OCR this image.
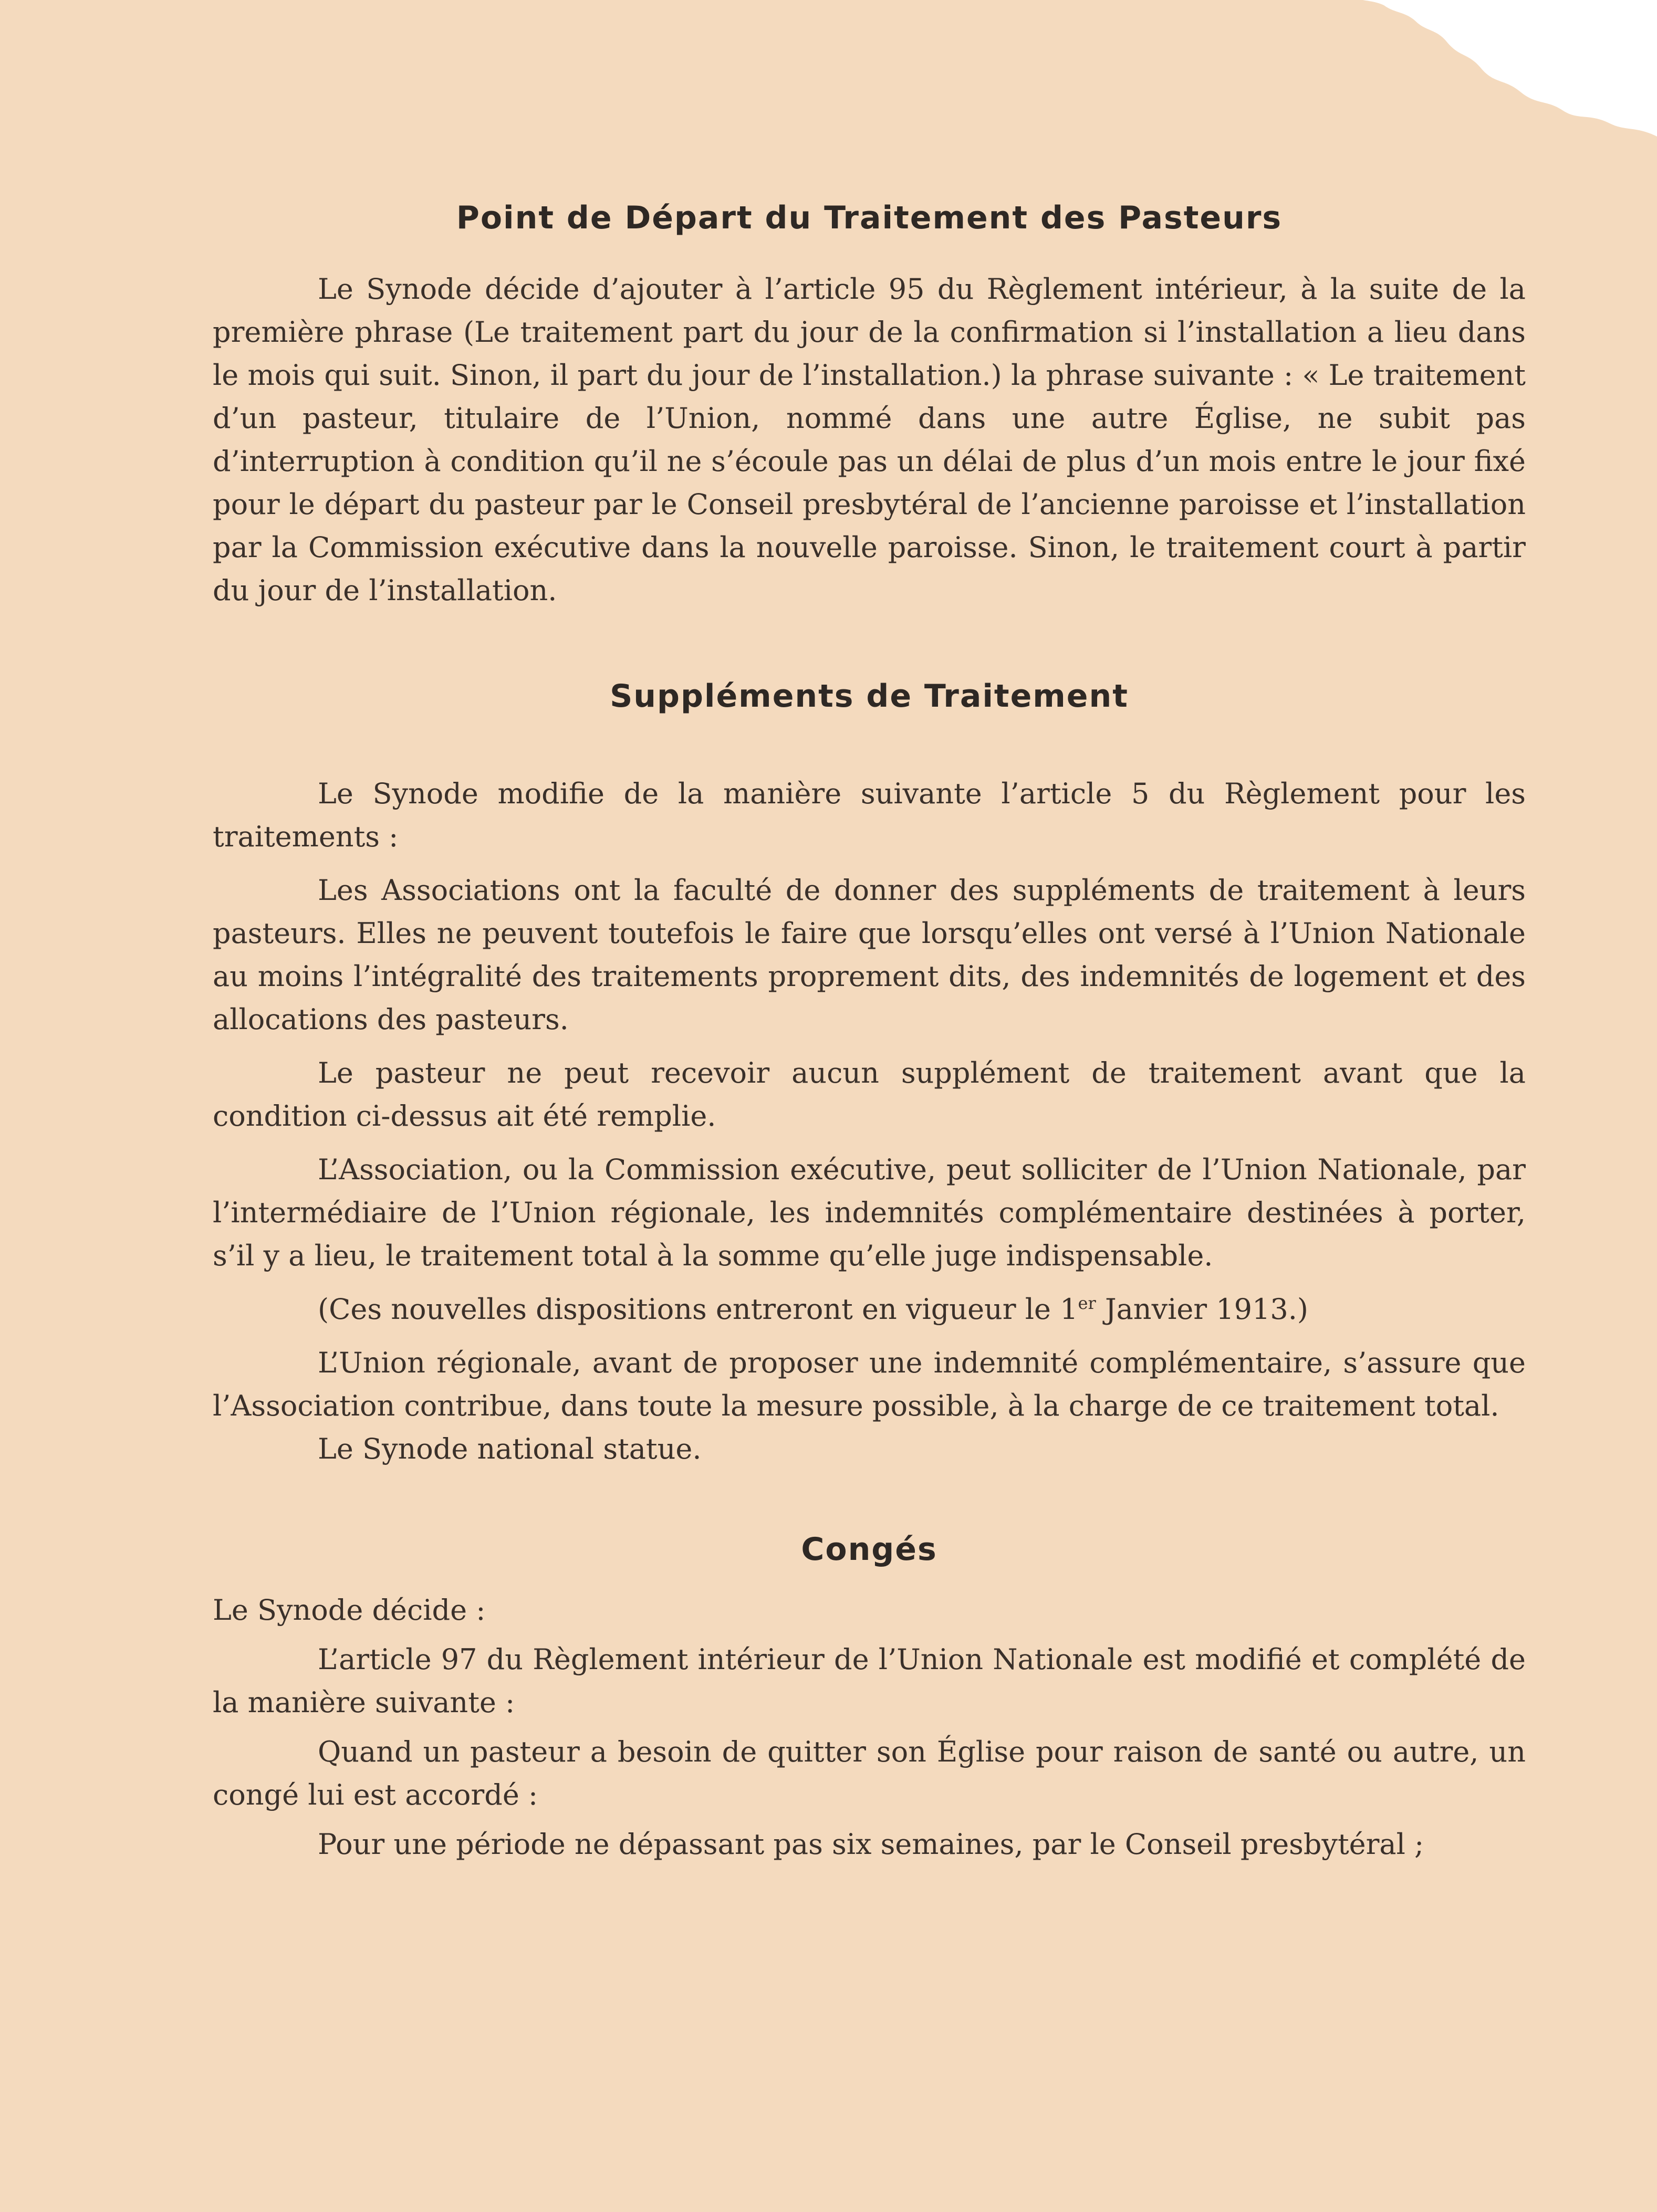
Point de Départ du Traitement des Pasteurs

Le Synode décide d’ajouter à l’article 95 du Règlement intérieur, à la suite de la première phrase (Le traitement part du jour de la confirmation si l’installation a lieu dans le mois qui suit. Sinon, il part du jour de l’installation.) la phrase suivante : « Le traitement d’un pasteur, titulaire de l’Union, nommé dans une autre Église, ne subit pas d’interruption à condition qu’il ne s’écoule pas un délai de plus d’un mois entre le jour fixé pour le départ du pasteur par le Conseil presbytéral de l’ancienne paroisse et l’installation par la Commission exécutive dans la nouvelle paroisse. Sinon, le traitement court à partir du jour de l’installation.

Suppléments de Traitement

Le Synode modifie de la manière suivante l’article 5 du Règlement pour les traitements :

Les Associations ont la faculté de donner des suppléments de traitement à leurs pasteurs. Elles ne peuvent toutefois le faire que lorsqu’elles ont versé à l’Union Nationale au moins l’intégralité des traitements proprement dits, des indemnités de logement et des allocations des pasteurs.

Le pasteur ne peut recevoir aucun supplément de traitement avant que la condition ci-dessus ait été remplie.

L’Association, ou la Commission exécutive, peut solliciter de l’Union Nationale, par l’intermédiaire de l’Union régionale, les indemnités complémentaire destinées à porter, s’il y a lieu, le traitement total à la somme qu’elle juge indispensable.

(Ces nouvelles dispositions entreront en vigueur le 1er Janvier 1913.)

L’Union régionale, avant de proposer une indemnité complémentaire, s’assure que l’Association contribue, dans toute la mesure possible, à la charge de ce traitement total.

Le Synode national statue.

Congés

Le Synode décide :

L’article 97 du Règlement intérieur de l’Union Nationale est modifié et complété de la manière suivante :

Quand un pasteur a besoin de quitter son Église pour raison de santé ou autre, un congé lui est accordé :

Pour une période ne dépassant pas six semaines, par le Conseil presbytéral ;
